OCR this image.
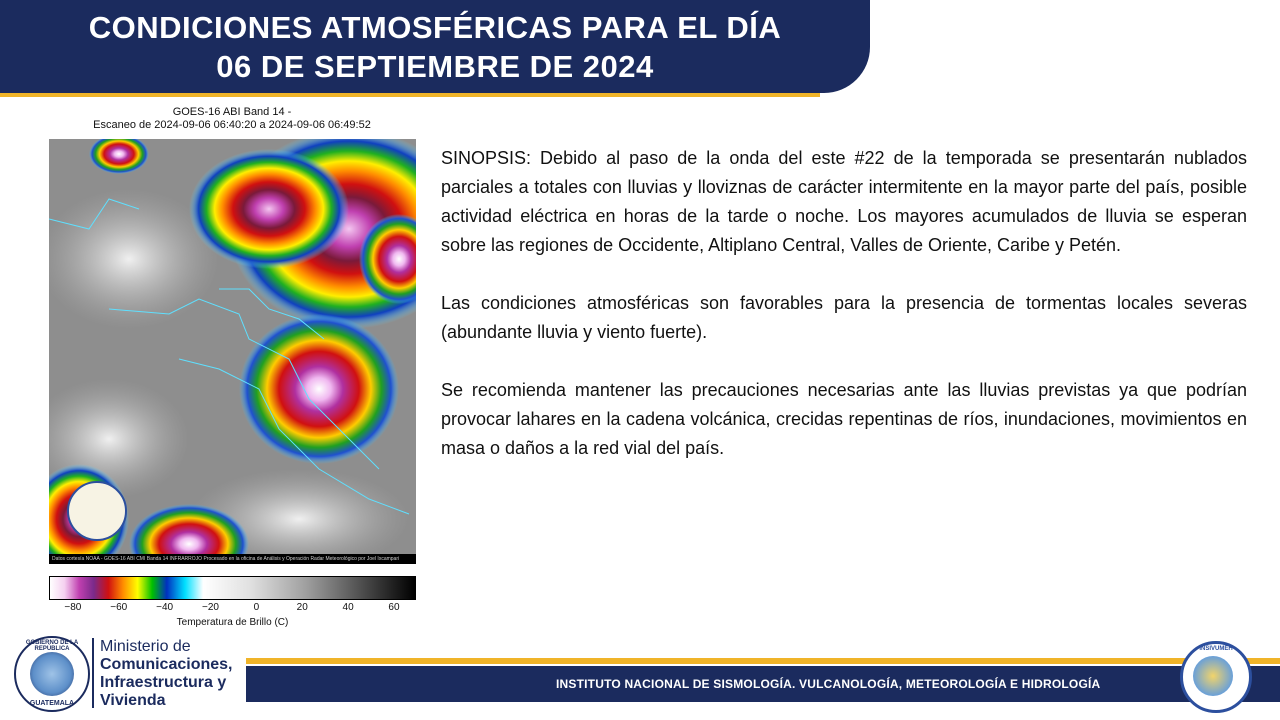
CONDICIONES ATMOSFÉRICAS PARA EL DÍA
06 DE SEPTIEMBRE DE 2024
GOES-16 ABI Band 14 -
Escaneo de 2024-09-06 06:40:20 a 2024-09-06 06:49:52
Datos cortesía NOAA - GOES-16 ABI CMI Banda 14 INFRARROJO Procesado en la oficina de Análisis y Operación Radar Meteorológico por Joel Ixcampari
−80	−60	−40	−20	0	20	40	60
Temperatura de Brillo (C)

SINOPSIS: Debido al paso de la onda del este #22 de la temporada se presentarán nublados parciales a totales con lluvias y lloviznas de carácter intermitente en la mayor parte del país, posible actividad eléctrica en horas de la tarde o noche. Los mayores acumulados de lluvia se esperan sobre las regiones de Occidente, Altiplano Central, Valles de Oriente, Caribe y Petén.

Las condiciones atmosféricas son favorables para la presencia de tormentas locales severas (abundante lluvia y viento fuerte).

Se recomienda mantener las precauciones necesarias ante las lluvias previstas ya que podrían provocar lahares en la cadena volcánica, crecidas repentinas de ríos, inundaciones, movimientos en masa o daños a la red vial del país.

GOBIERNO DE LA REPÚBLICA
GUATEMALA
Ministerio de
Comunicaciones,
Infraestructura y
Vivienda
INSTITUTO NACIONAL DE SISMOLOGÍA. VULCANOLOGÍA, METEOROLOGÍA E HIDROLOGÍA
INSIVUMEH
